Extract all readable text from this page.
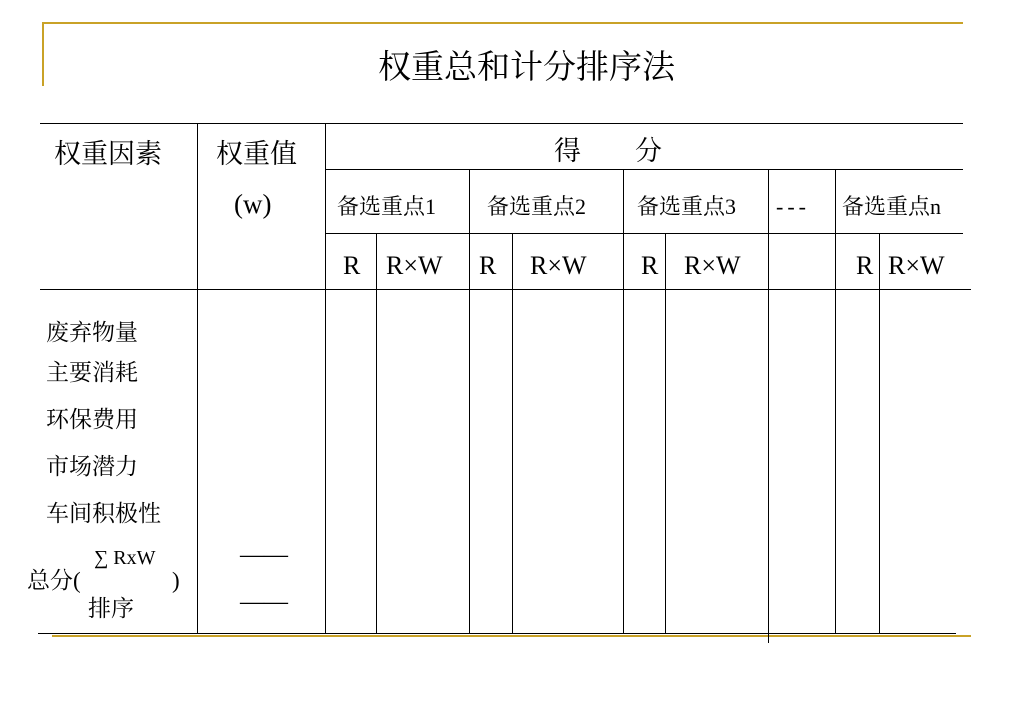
权重总和计分排序法
权重因素 权重值
(w)
得　　分
备选重点1 备选重点2 备选重点3 --- 备选重点n
R R×W R R×W R R×W	R R×W
废弃物量
主要消耗
环保费用
市场潜力
车间积极性
∑ RxW
总分(	)
排序
——
——
